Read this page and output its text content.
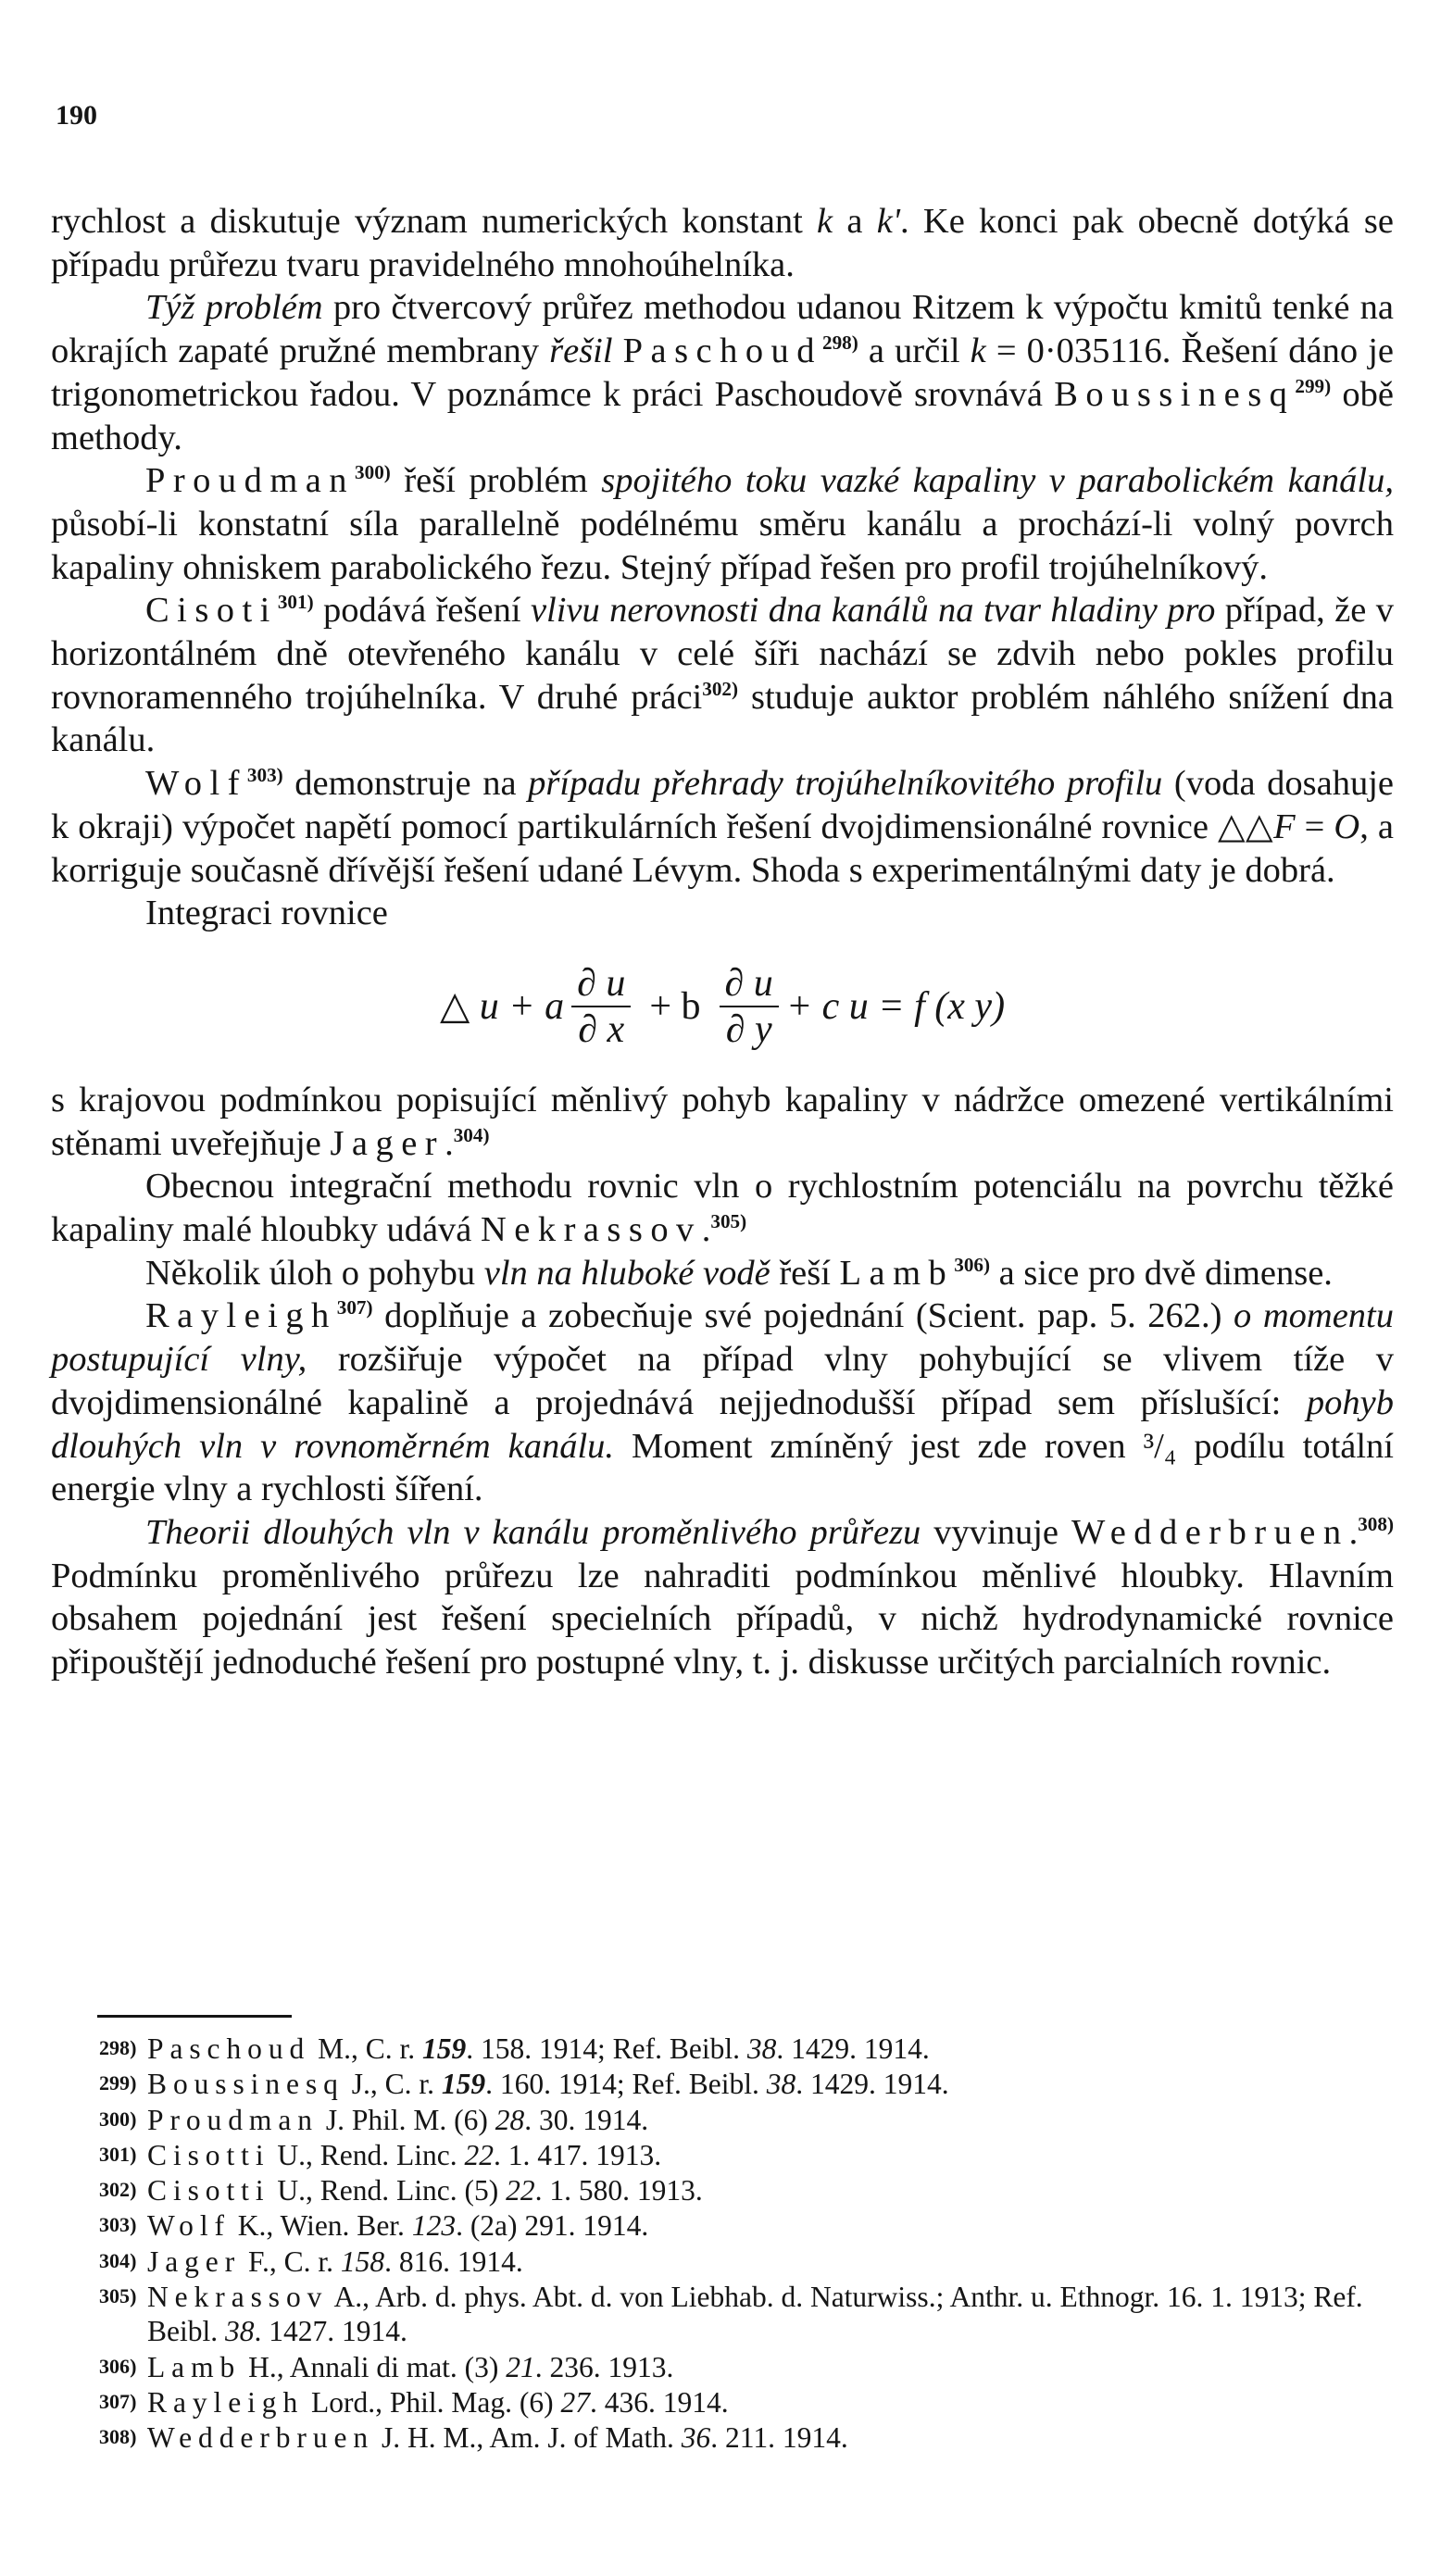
190

rychlost a diskutuje význam numerických konstant k a k'. Ke konci pak obecně dotýká se případu průřezu tvaru pravidelného mnohoúhelníka.

Týž problém pro čtvercový průřez methodou udanou Ritzem k výpočtu kmitů tenké na okrajích zapaté pružné membrany řešil Paschoud$^{298)}$ a určil k = 0·035116. Řešení dáno je trigonometrickou řadou. V poznámce k práci Paschoudově srovnává Boussinesq$^{299)}$ obě methody.

Proudman$^{300)}$ řeší problém spojitého toku vazké kapaliny v parabolickém kanálu, působí-li konstatní síla parallelně podélnému směru kanálu a prochází-li volný povrch kapaliny ohniskem parabolického řezu. Stejný případ řešen pro profil trojúhelníkový.

Cisoti$^{301)}$ podává řešení vlivu nerovnosti dna kanálů na tvar hladiny pro případ, že v horizontálném dně otevřeného kanálu v celé šíři nachází se zdvih nebo pokles profilu rovnoramenného trojúhelníka. V druhé práci$^{302)}$ studuje auktor problém náhlého snížení dna kanálu.

Wolf$^{303)}$ demonstruje na případu přehrady trojúhelníkovitého profilu (voda dosahuje k okraji) výpočet napětí pomocí partikulárních řešení dvojdimensionálné rovnice △△F = O, a korriguje současně dřívější řešení udané Lévym. Shoda s experimentálnými daty je dobrá.

Integraci rovnice

△ u + a $\frac{\partial u}{\partial x} + b \frac{\partial u}{\partial y} + c$ u = f (x y)

s krajovou podmínkou popisující měnlivý pohyb kapaliny v nádržce omezené vertikálními stěnami uveřejňuje Jager.$^{304)}$

Obecnou integrační methodu rovnic vln o rychlostním potenciálu na povrchu těžké kapaliny malé hloubky udává Nekrassov.$^{305)}$

Několik úloh o pohybu vln na hluboké vodě řeší Lamb$^{306)}$ a sice pro dvě dimense.

Rayleigh$^{307)}$ doplňuje a zobecňuje své pojednání (Scient. pap. 5. 262.) o momentu postupující vlny, rozšiřuje výpočet na případ vlny pohybující se vlivem tíže v dvojdimensionálné kapalině a projednává nejjednodušší případ sem příslušící: pohyb dlouhých vln v rovnoměrném kanálu. Moment zmíněný jest zde roven ³/₄ podílu totální energie vlny a rychlosti šíření.

Theorii dlouhých vln v kanálu proměnlivého průřezu vyvinuje Wedderbruen.$^{308)}$ Podmínku proměnlivého průřezu lze nahraditi podmínkou měnlivé hloubky. Hlavním obsahem pojednání jest řešení specielních případů, v nichž hydrodynamické rovnice připouštějí jednoduché řešení pro postupné vlny, t. j. diskusse určitých parcialních rovnic.

298) Paschoud M., C. r. 159. 158. 1914; Ref. Beibl. 38. 1429. 1914.

299) Boussinesq J., C. r. 159. 160. 1914; Ref. Beibl. 38. 1429. 1914.

300) Proudman J. Phil. M. (6) 28. 30. 1914.

301) Cisotti U., Rend. Linc. 22. 1. 417. 1913.

302) Cisotti U., Rend. Linc. (5) 22. 1. 580. 1913.

303) Wolf K., Wien. Ber. 123. (2a) 291. 1914.

304) Jager F., C. r. 158. 816. 1914.

305) Nekrassov A., Arb. d. phys. Abt. d. von Liebhab. d. Naturwiss.; Anthr. u. Ethnogr. 16. 1. 1913; Ref. Beibl. 38. 1427. 1914.

306) Lamb H., Annali di mat. (3) 21. 236. 1913.

307) Rayleigh Lord., Phil. Mag. (6) 27. 436. 1914.

308) Wedderbruen J. H. M., Am. J. of Math. 36. 211. 1914.
